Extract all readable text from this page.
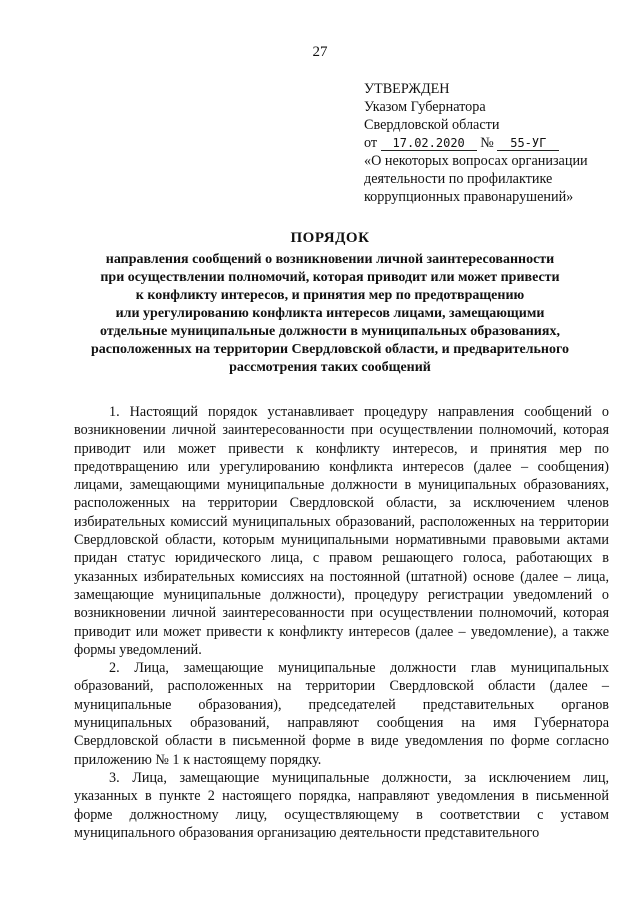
27
УТВЕРЖДЕН
Указом Губернатора
Свердловской области
от 17.02.2020 № 55-УГ
«О некоторых вопросах организации
деятельности по профилактике
коррупционных правонарушений»
ПОРЯДОК
направления сообщений о возникновении личной заинтересованности
при осуществлении полномочий, которая приводит или может привести
к конфликту интересов, и принятия мер по предотвращению
или урегулированию конфликта интересов лицами, замещающими
отдельные муниципальные должности в муниципальных образованиях,
расположенных на территории Свердловской области, и предварительного
рассмотрения таких сообщений

1. Настоящий порядок устанавливает процедуру направления сообщений о возникновении личной заинтересованности при осуществлении полномочий, которая приводит или может привести к конфликту интересов, и принятия мер по предотвращению или урегулированию конфликта интересов (далее – сообщения) лицами, замещающими муниципальные должности в муниципальных образованиях, расположенных на территории Свердловской области, за исключением членов избирательных комиссий муниципальных образований, расположенных на территории Свердловской области, которым муниципальными нормативными правовыми актами придан статус юридического лица, с правом решающего голоса, работающих в указанных избирательных комиссиях на постоянной (штатной) основе (далее – лица, замещающие муниципальные должности), процедуру регистрации уведомлений о возникновении личной заинтересованности при осуществлении полномочий, которая приводит или может привести к конфликту интересов (далее – уведомление), а также формы уведомлений.

2. Лица, замещающие муниципальные должности глав муниципальных образований, расположенных на территории Свердловской области (далее – муниципальные образования), председателей представительных органов муниципальных образований, направляют сообщения на имя Губернатора Свердловской области в письменной форме в виде уведомления по форме согласно приложению № 1 к настоящему порядку.

3. Лица, замещающие муниципальные должности, за исключением лиц, указанных в пункте 2 настоящего порядка, направляют уведомления в письменной форме должностному лицу, осуществляющему в соответствии с уставом муниципального образования организацию деятельности представительного
